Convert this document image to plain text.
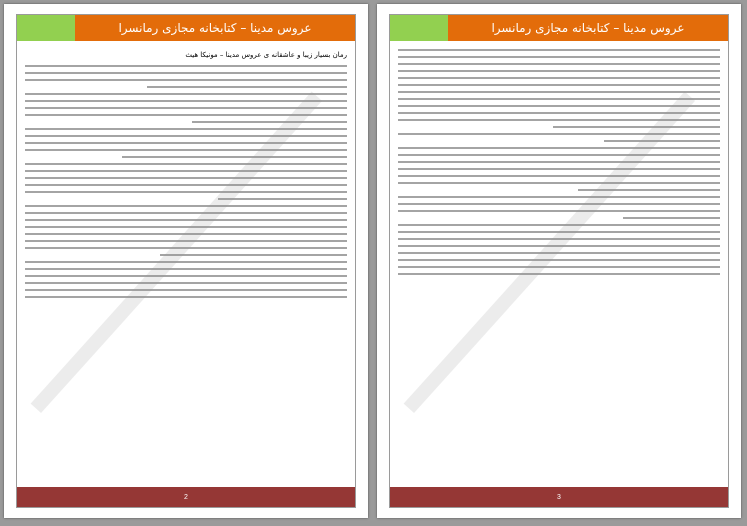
عروس مدینا – کتابخانه مجازی رمانسرا
رمان بسیار زیبا و عاشقانه ی عروس مدینا – مونیکا هیث
2
عروس مدینا – کتابخانه مجازی رمانسرا
3
